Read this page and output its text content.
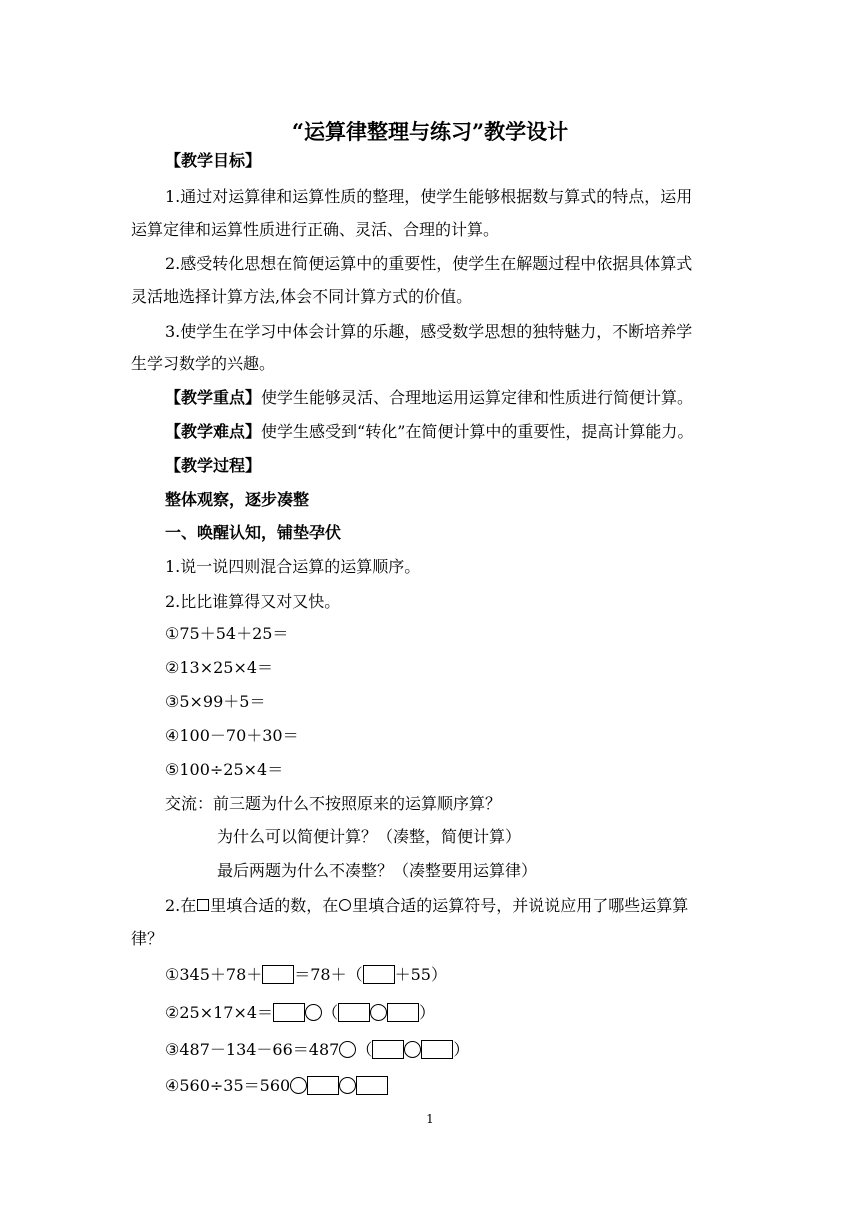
“运算律整理与练习”教学设计
【教学目标】
1.通过对运算律和运算性质的整理，使学生能够根据数与算式的特点，运用
运算定律和运算性质进行正确、灵活、合理的计算。
2.感受转化思想在简便运算中的重要性，使学生在解题过程中依据具体算式
灵活地选择计算方法,体会不同计算方式的价值。
3.使学生在学习中体会计算的乐趣，感受数学思想的独特魅力，不断培养学
生学习数学的兴趣。
【教学重点】使学生能够灵活、合理地运用运算定律和性质进行简便计算。
【教学难点】使学生感受到“转化”在简便计算中的重要性，提高计算能力。
【教学过程】
整体观察，逐步凑整
一、唤醒认知，铺垫孕伏
1.说一说四则混合运算的运算顺序。
2.比比谁算得又对又快。
①75＋54＋25＝
②13×25×4＝
③5×99＋5＝
④100－70＋30＝
⑤100÷25×4＝
交流：前三题为什么不按照原来的运算顺序算？
为什么可以简便计算？（凑整，简便计算）
最后两题为什么不凑整？（凑整要用运算律）
2.在 里填合适的数，在 里填合适的运算符号，并说说应用了哪些运算算
律？
①345＋78＋ ＝78＋（ ＋55）
②25×17×4＝	（	）
③487－134－66＝487 （	）
④560÷35＝560
1
